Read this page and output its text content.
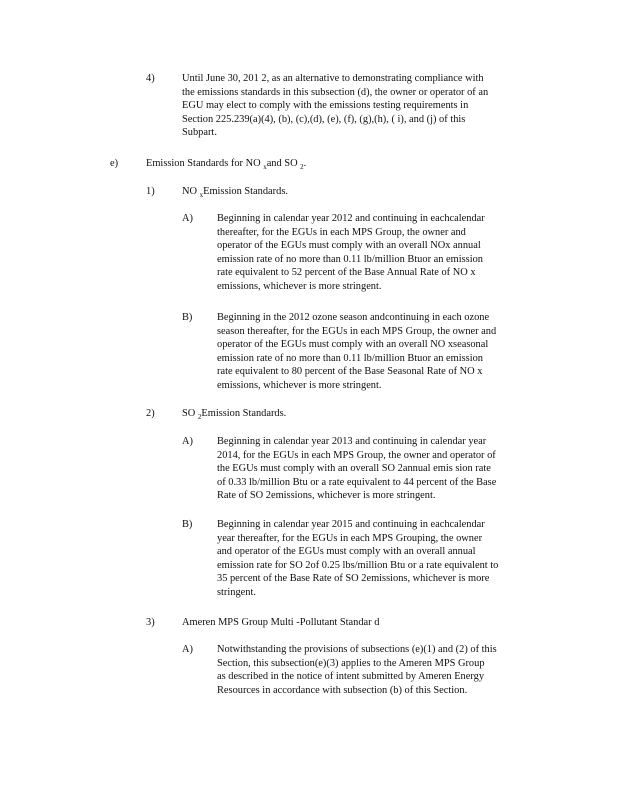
4)	Until June 30, 201 2, as an alternative to demonstrating compliance with
the emissions standards in this subsection (d), the owner or operator of an
EGU may elect to comply with the emissions testing requirements in
Section 225.239(a)(4), (b), (c),(d), (e), (f), (g),(h), ( i), and (j) of this
Subpart.
e)	Emission Standards for NO $_x$and SO $_2$.
1)	NO $_x$Emission Standards.
A) Beginning in calendar year 2012 and continuing in eachcalendar
thereafter, for the EGUs in each MPS Group, the owner and
operator of the EGUs must comply with an overall NOx annual
emission rate of no more than 0.11 lb/million Btuor an emission
rate equivalent to 52 percent of the Base Annual Rate of NO x
emissions, whichever is more stringent.
B) Beginning in the 2012 ozone season andcontinuing in each ozone
season thereafter, for the EGUs in each MPS Group, the owner and
operator of the EGUs must comply with an overall NO xseasonal
emission rate of no more than 0.11 lb/million Btuor an emission
rate equivalent to 80 percent of the Base Seasonal Rate of NO x
emissions, whichever is more stringent.
2)	SO $_2$Emission Standards.
A) Beginning in calendar year 2013 and continuing in calendar year
2014, for the EGUs in each MPS Group, the owner and operator of
the EGUs must comply with an overall SO 2annual emis sion rate
of 0.33 lb/million Btu or a rate equivalent to 44 percent of the Base
Rate of SO 2emissions, whichever is more stringent.
B) Beginning in calendar year 2015 and continuing in eachcalendar
year thereafter, for the EGUs in each MPS Grouping, the owner
and operator of the EGUs must comply with an overall annual
emission rate for SO 2of 0.25 lbs/million Btu or a rate equivalent to
35 percent of the Base Rate of SO 2emissions, whichever is more
stringent.
3)	Ameren MPS Group Multi -Pollutant Standar d
A) Notwithstanding the provisions of subsections (e)(1) and (2) of this
Section, this subsection(e)(3) applies to the Ameren MPS Group
as described in the notice of intent submitted by Ameren Energy
Resources in accordance with subsection (b) of this Section.
